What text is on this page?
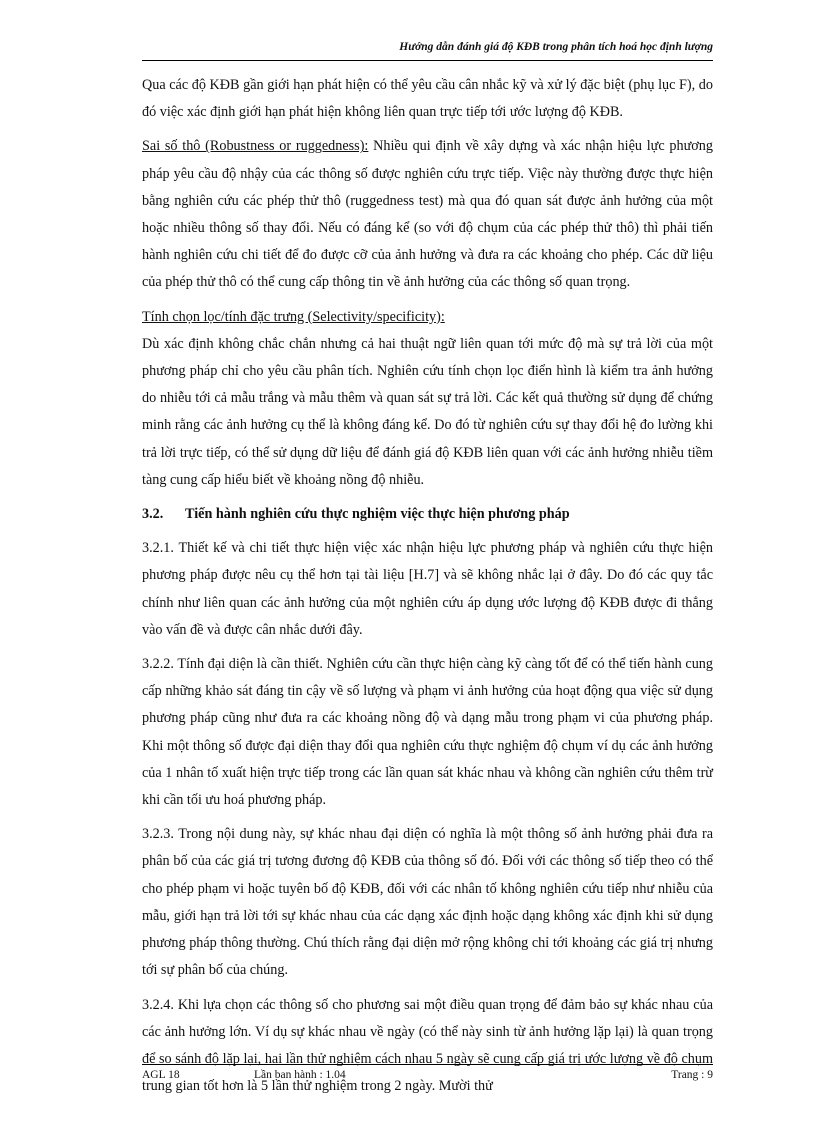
Hướng dẫn đánh giá độ KĐB trong phân tích hoá học định lượng

Qua các độ KĐB gần giới hạn phát hiện có thể yêu cầu cân nhắc kỹ và xử lý đặc biệt (phụ lục F), do đó việc xác định giới hạn phát hiện không liên quan trực tiếp tới ước lượng độ KĐB.

Sai số thô (Robustness or ruggedness): Nhiều qui định về xây dựng và xác nhận hiệu lực phương pháp yêu cầu độ nhậy của các thông số được nghiên cứu trực tiếp. Việc này thường được thực hiện bằng nghiên cứu các phép thử thô (ruggedness test) mà qua đó quan sát được ảnh hưởng của một hoặc nhiều thông số thay đổi. Nếu có đáng kể (so với độ chụm của các phép thử thô) thì phải tiến hành nghiên cứu chi tiết để đo được cỡ của ảnh hưởng và đưa ra các khoảng cho phép. Các dữ liệu của phép thử thô có thể cung cấp thông tin về ảnh hưởng của các thông số quan trọng.

Tính chọn lọc/tính đặc trưng (Selectivity/specificity):

Dù xác định không chắc chắn nhưng cả hai thuật ngữ liên quan tới mức độ mà sự trả lời của một phương pháp chỉ cho yêu cầu phân tích. Nghiên cứu tính chọn lọc điển hình là kiểm tra ảnh hưởng do nhiễu tới cả mẫu trắng và mẫu thêm và quan sát sự trả lời. Các kết quả thường sử dụng để chứng minh rằng các ảnh hưởng cụ thể là không đáng kể. Do đó từ nghiên cứu sự thay đổi hệ đo lường khi trả lời trực tiếp, có thể sử dụng dữ liệu để đánh giá độ KĐB liên quan với các ảnh hưởng nhiễu tiềm tàng cung cấp hiểu biết về khoảng nồng độ nhiễu.

3.2.	Tiến hành nghiên cứu thực nghiệm việc thực hiện phương pháp

3.2.1. Thiết kế và chi tiết thực hiện việc xác nhận hiệu lực phương pháp và nghiên cứu thực hiện phương pháp được nêu cụ thể hơn tại tài liệu [H.7] và sẽ không nhắc lại ở đây. Do đó các quy tắc chính như liên quan các ảnh hưởng của một nghiên cứu áp dụng ước lượng độ KĐB được đi thẳng vào vấn đề và được cân nhắc dưới đây.

3.2.2. Tính đại diện là cần thiết. Nghiên cứu cần thực hiện càng kỹ càng tốt để có thể tiến hành cung cấp những khảo sát đáng tin cậy về số lượng và phạm vi ảnh hưởng của hoạt động qua việc sử dụng phương pháp cũng như đưa ra các khoảng nồng độ và dạng mẫu trong phạm vi của phương pháp. Khi một thông số được đại diện thay đổi qua nghiên cứu thực nghiệm độ chụm ví dụ các ảnh hưởng của 1 nhân tố xuất hiện trực tiếp trong các lần quan sát khác nhau và không cần nghiên cứu thêm trừ khi cần tối ưu hoá phương pháp.

3.2.3. Trong nội dung này, sự khác nhau đại diện có nghĩa là một thông số ảnh hưởng phải đưa ra phân bố của các giá trị tương đương độ KĐB của thông số đó. Đối với các thông số tiếp theo có thể cho phép phạm vi hoặc tuyên bố độ KĐB, đối với các nhân tố không nghiên cứu tiếp như nhiễu của mẫu, giới hạn trả lời tới sự khác nhau của các dạng xác định hoặc dạng không xác định khi sử dụng phương pháp thông thường. Chú thích rằng đại diện mở rộng không chỉ tới khoảng các giá trị nhưng tới sự phân bố của chúng.

3.2.4. Khi lựa chọn các thông số cho phương sai một điều quan trọng để đảm bảo sự khác nhau của các ảnh hưởng lớn. Ví dụ sự khác nhau về ngày (có thể này sinh từ ảnh hưởng lặp lại) là quan trọng để so sánh độ lặp lại, hai lần thử nghiệm cách nhau 5 ngày sẽ cung cấp giá trị ước lượng về độ chụm trung gian tốt hơn là 5 lần thử nghiệm trong 2 ngày. Mười thử

AGL 18	Lần ban hành : 1.04	Trang : 9
